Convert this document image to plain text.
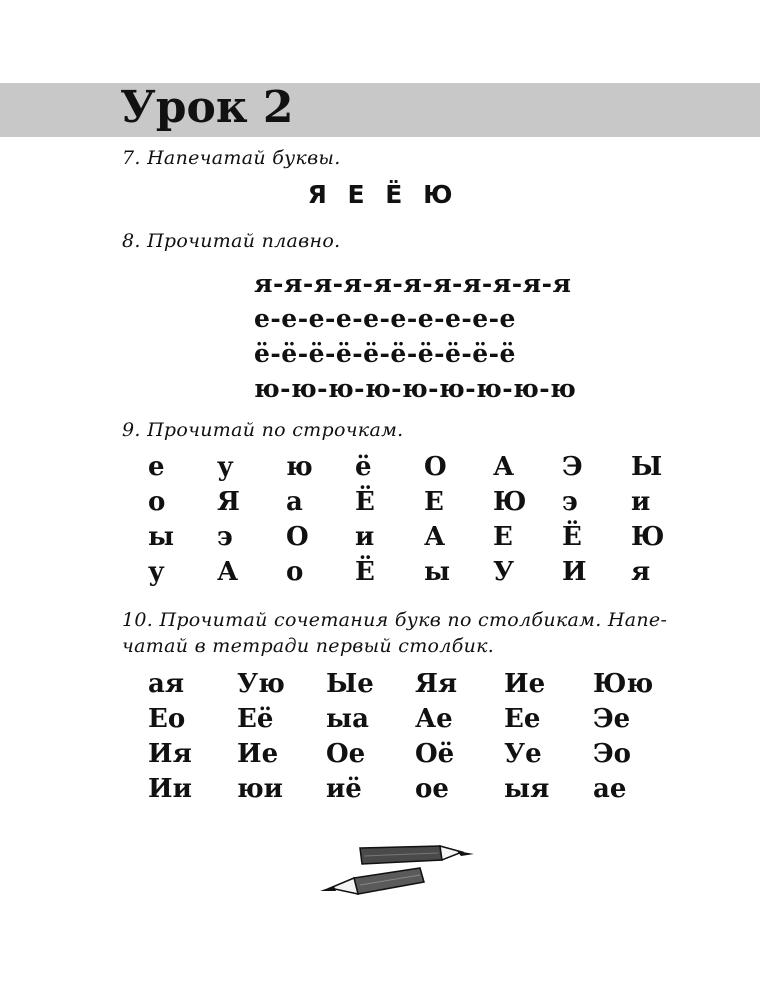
Урок 2

7. Напечатай буквы.

Я Е Ё Ю

8. Прочитай плавно.

я-я-я-я-я-я-я-я-я-я-я
е-е-е-е-е-е-е-е-е-е
ё-ё-ё-ё-ё-ё-ё-ё-ё-ё
ю-ю-ю-ю-ю-ю-ю-ю-ю

9. Прочитай по строчкам.

е	у	ю	ё	О	А	Э	Ы
о	Я	а	Ё	Е	Ю	э	и
ы	э	О	и	А	Е	Ё	Ю
у	А	о	Ё	ы	У	И	я

10. Прочитай сочетания букв по столбикам. Напе-

чатай в тетради первый столбик.

ая	Ую	Ые	Яя	Ие	Юю
Ео	Её	ыа	Ае	Ее	Эе
Ия	Ие	Ое	Оё	Уе	Эо
Ии	юи	иё	ое	ыя	ае
